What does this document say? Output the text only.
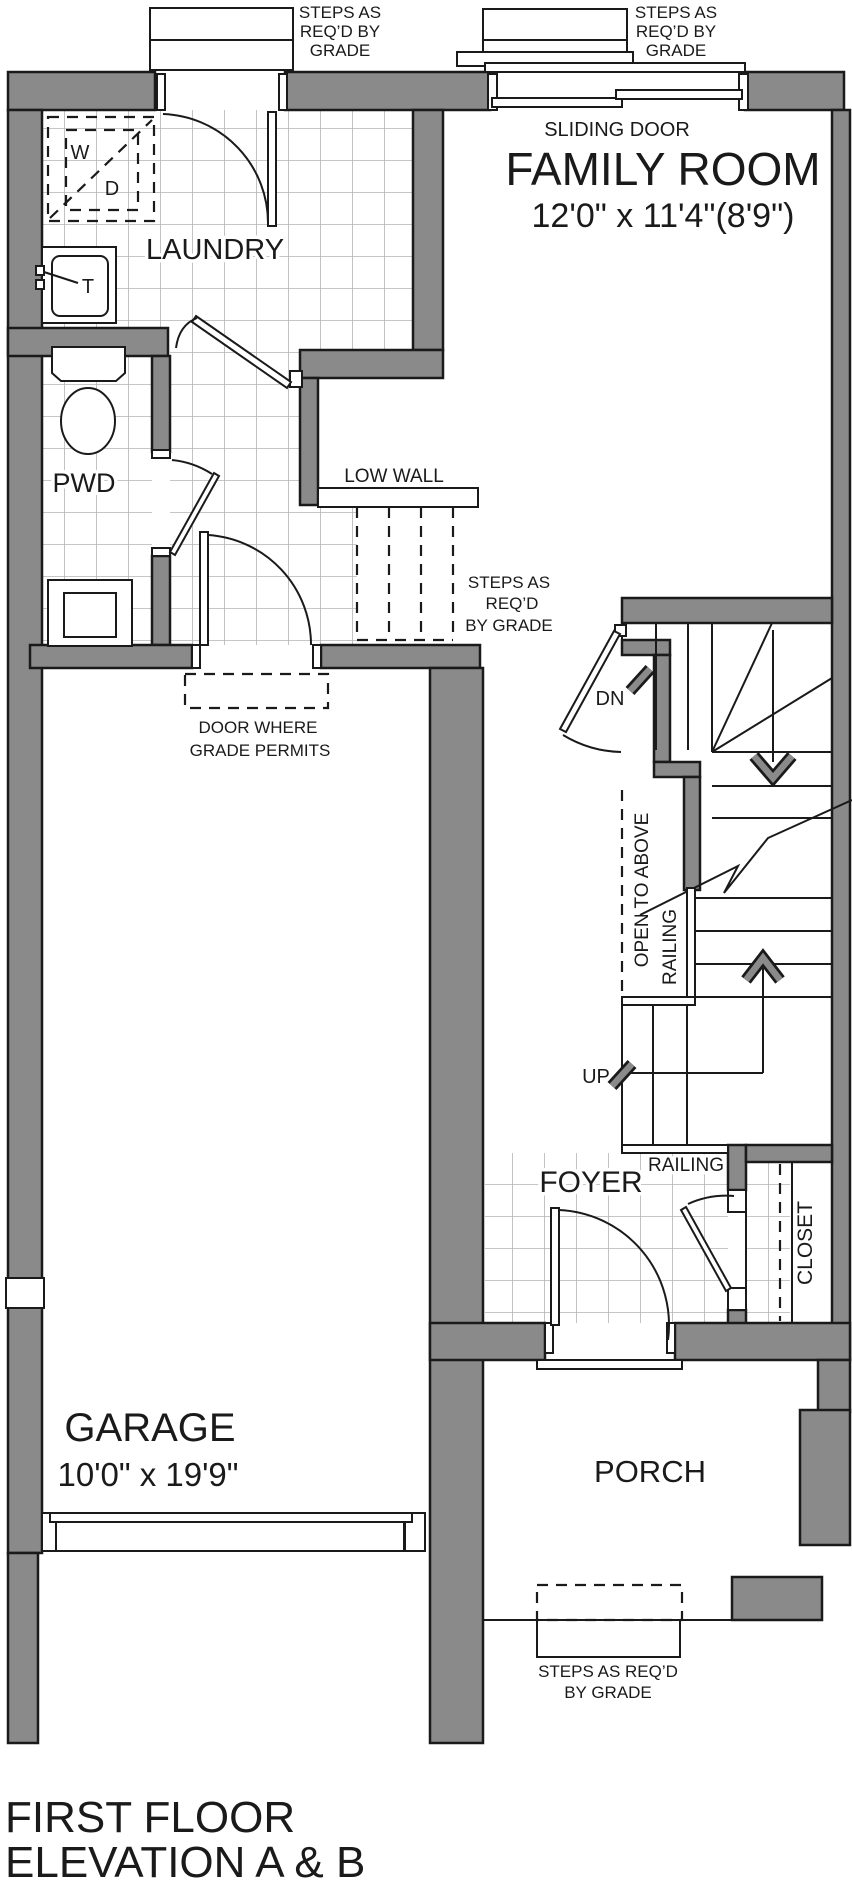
STEPS AS
REQ’D BY
GRADE
STEPS AS
REQ’D BY
GRADE
SLIDING DOOR
STEPS AS
REQ’D
BY GRADE
DOOR WHERE
GRADE PERMITS
STEPS AS REQ’D
BY GRADE
FAMILY ROOM
12'0" x 11'4"(8'9")
LAUNDRY
PWD	LOW WALL
FOYER
GARAGE
10'0" x 19'9"	PORCH
CLOSET
DN
UP
OPEN TO ABOVE RAILING
RAILING
W
D
T
FIRST FLOOR
ELEVATION A & B
